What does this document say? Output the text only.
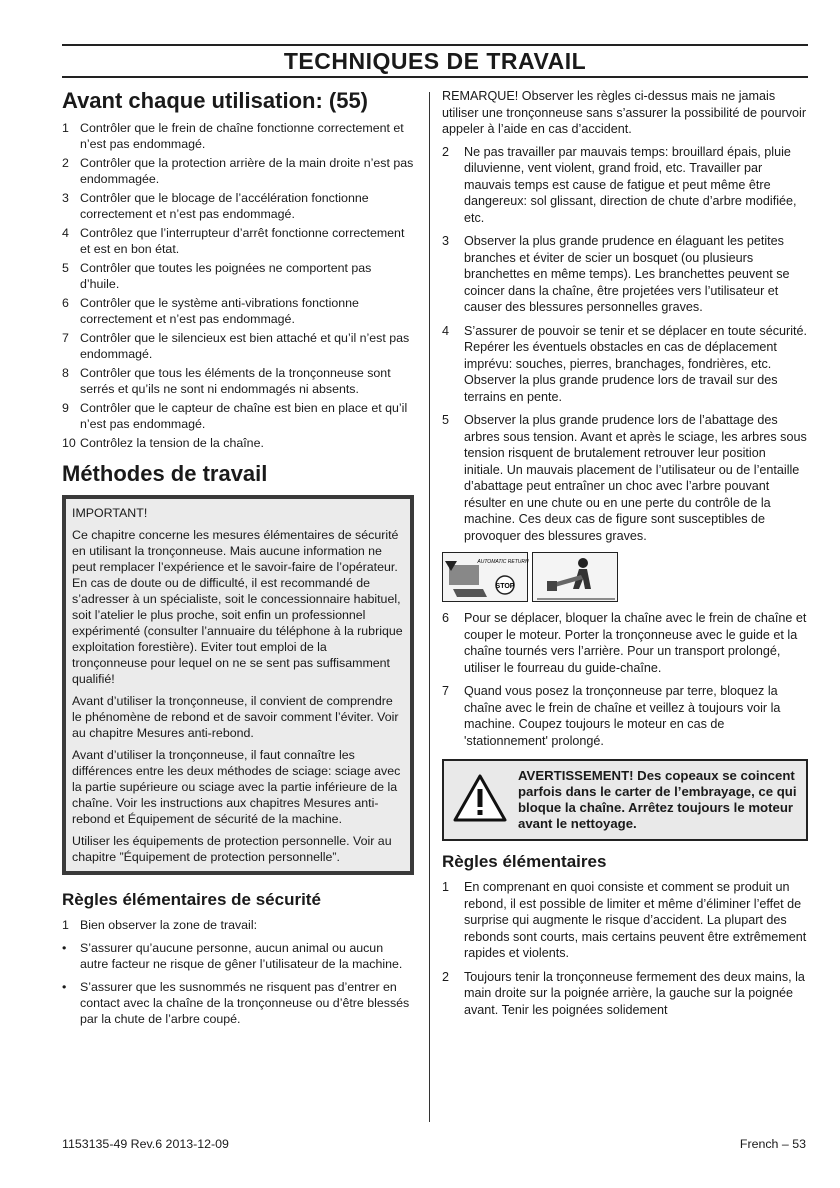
TECHNIQUES DE TRAVAIL
Avant chaque utilisation: (55)
1 Contrôler que le frein de chaîne fonctionne correctement et n’est pas endommagé.
2 Contrôler que la protection arrière de la main droite n’est pas endommagée.
3 Contrôler que le blocage de l’accélération fonctionne correctement et n’est pas endommagé.
4 Contrôlez que l’interrupteur d’arrêt fonctionne correctement et est en bon état.
5 Contrôler que toutes les poignées ne comportent pas d’huile.
6 Contrôler que le système anti-vibrations fonctionne correctement et n’est pas endommagé.
7 Contrôler que le silencieux est bien attaché et qu’il n’est pas endommagé.
8 Contrôler que tous les éléments de la tronçonneuse sont serrés et qu’ils ne sont ni endommagés ni absents.
9 Contrôler que le capteur de chaîne est bien en place et qu’il n’est pas endommagé.
10 Contrôlez la tension de la chaîne.
Méthodes de travail

IMPORTANT!

Ce chapitre concerne les mesures élémentaires de sécurité en utilisant la tronçonneuse. Mais aucune information ne peut remplacer l’expérience et le savoir-faire de l’opérateur. En cas de doute ou de difficulté, il est recommandé de s’adresser à un spécialiste, soit le concessionnaire habituel, soit l’atelier le plus proche, soit enfin un professionnel expérimenté (consulter l’annuaire du téléphone à la rubrique exploitation forestière). Eviter tout emploi de la tronçonneuse pour lequel on ne se sent pas suffisamment qualifié!

Avant d’utiliser la tronçonneuse, il convient de comprendre le phénomène de rebond et de savoir comment l’éviter. Voir au chapitre Mesures anti-rebond.

Avant d’utiliser la tronçonneuse, il faut connaître les différences entre les deux méthodes de sciage: sciage avec la partie supérieure ou sciage avec la partie inférieure de la chaîne. Voir les instructions aux chapitres Mesures anti-rebond et Équipement de sécurité de la machine.

Utiliser les équipements de protection personnelle. Voir au chapitre ”Équipement de protection personnelle”.

Règles élémentaires de sécurité
1 Bien observer la zone de travail:
•	S’assurer qu’aucune personne, aucun animal ou aucun autre facteur ne risque de gêner l’utilisateur de la machine.
•	S’assurer que les susnommés ne risquent pas d’entrer en contact avec la chaîne de la tronçonneuse ou d’être blessés par la chute de l’arbre coupé.

REMARQUE! Observer les règles ci-dessus mais ne jamais utiliser une tronçonneuse sans s’assurer la possibilité de pourvoir appeler à l’aide en cas d’accident.

2	Ne pas travailler par mauvais temps: brouillard épais, pluie diluvienne, vent violent, grand froid, etc. Travailler par mauvais temps est cause de fatigue et peut même être dangereux: sol glissant, direction de chute d’arbre modifiée, etc.
3	Observer la plus grande prudence en élaguant les petites branches et éviter de scier un bosquet (ou plusieurs branchettes en même temps). Les branchettes peuvent se coincer dans la chaîne, être projetées vers l’utilisateur et causer des blessures personnelles graves.
4	S’assurer de pouvoir se tenir et se déplacer en toute sécurité. Repérer les éventuels obstacles en cas de déplacement imprévu: souches, pierres, branchages, fondrières, etc. Observer la plus grande prudence lors de travail sur des terrains en pente.
5	Observer la plus grande prudence lors de l’abattage des arbres sous tension. Avant et après le sciage, les arbres sous tension risquent de brutalement retrouver leur position initiale. Un mauvais placement de l’utilisateur ou de l’entaille d’abattage peut entraîner un choc avec l’arbre pouvant résulter en une chute ou en une perte du contrôle de la machine. Ces deux cas de figure sont susceptibles de provoquer des blessures graves.
STOP
AUTOMATIC RETURN
6	Pour se déplacer, bloquer la chaîne avec le frein de chaîne et couper le moteur. Porter la tronçonneuse avec le guide et la chaîne tournés vers l’arrière. Pour un transport prolongé, utiliser le fourreau du guide-chaîne.
7	Quand vous posez la tronçonneuse par terre, bloquez la chaîne avec le frein de chaîne et veillez à toujours voir la machine. Coupez toujours le moteur en cas de 'stationnement' prolongé.
AVERTISSEMENT! Des copeaux se coincent parfois dans le carter de l’embrayage, ce qui bloque la chaîne. Arrêtez toujours le moteur avant le nettoyage.
Règles élémentaires
1	En comprenant en quoi consiste et comment se produit un rebond, il est possible de limiter et même d’éliminer l’effet de surprise qui augmente le risque d’accident. La plupart des rebonds sont courts, mais certains peuvent être extrêmement rapides et violents.
2	Toujours tenir la tronçonneuse fermement des deux mains, la main droite sur la poignée arrière, la gauche sur la poignée avant. Tenir les poignées solidement
1153135-49 Rev.6 2013-12-09	French – 53
